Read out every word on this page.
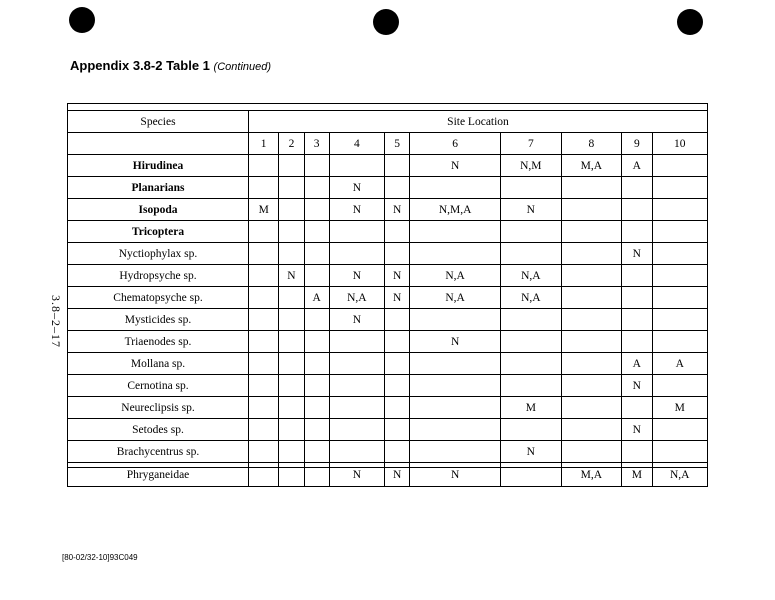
Appendix 3.8-2 Table 1 (Continued)
3.8–2–17
Species	Site Location									
	1	2	3	4	5	6	7	8	9	10
Hirudinea						N	N,M	M,A	A	
Planarians				N						
Isopoda	M			N	N	N,M,A	N			
Tricoptera										
Nyctiophylax sp.									N	
Hydropsyche sp.		N		N	N	N,A	N,A			
Chematopsyche sp.			A	N,A	N	N,A	N,A			
Mysticides sp.				N						
Triaenodes sp.						N				
Mollana sp.									A	A
Cernotina sp.									N	
Neureclipsis sp.							M			M
Setodes sp.									N	
Brachycentrus sp.							N			
Phryganeidae				N	N	N		M,A	M	N,A
[80-02/32-10]93C049
